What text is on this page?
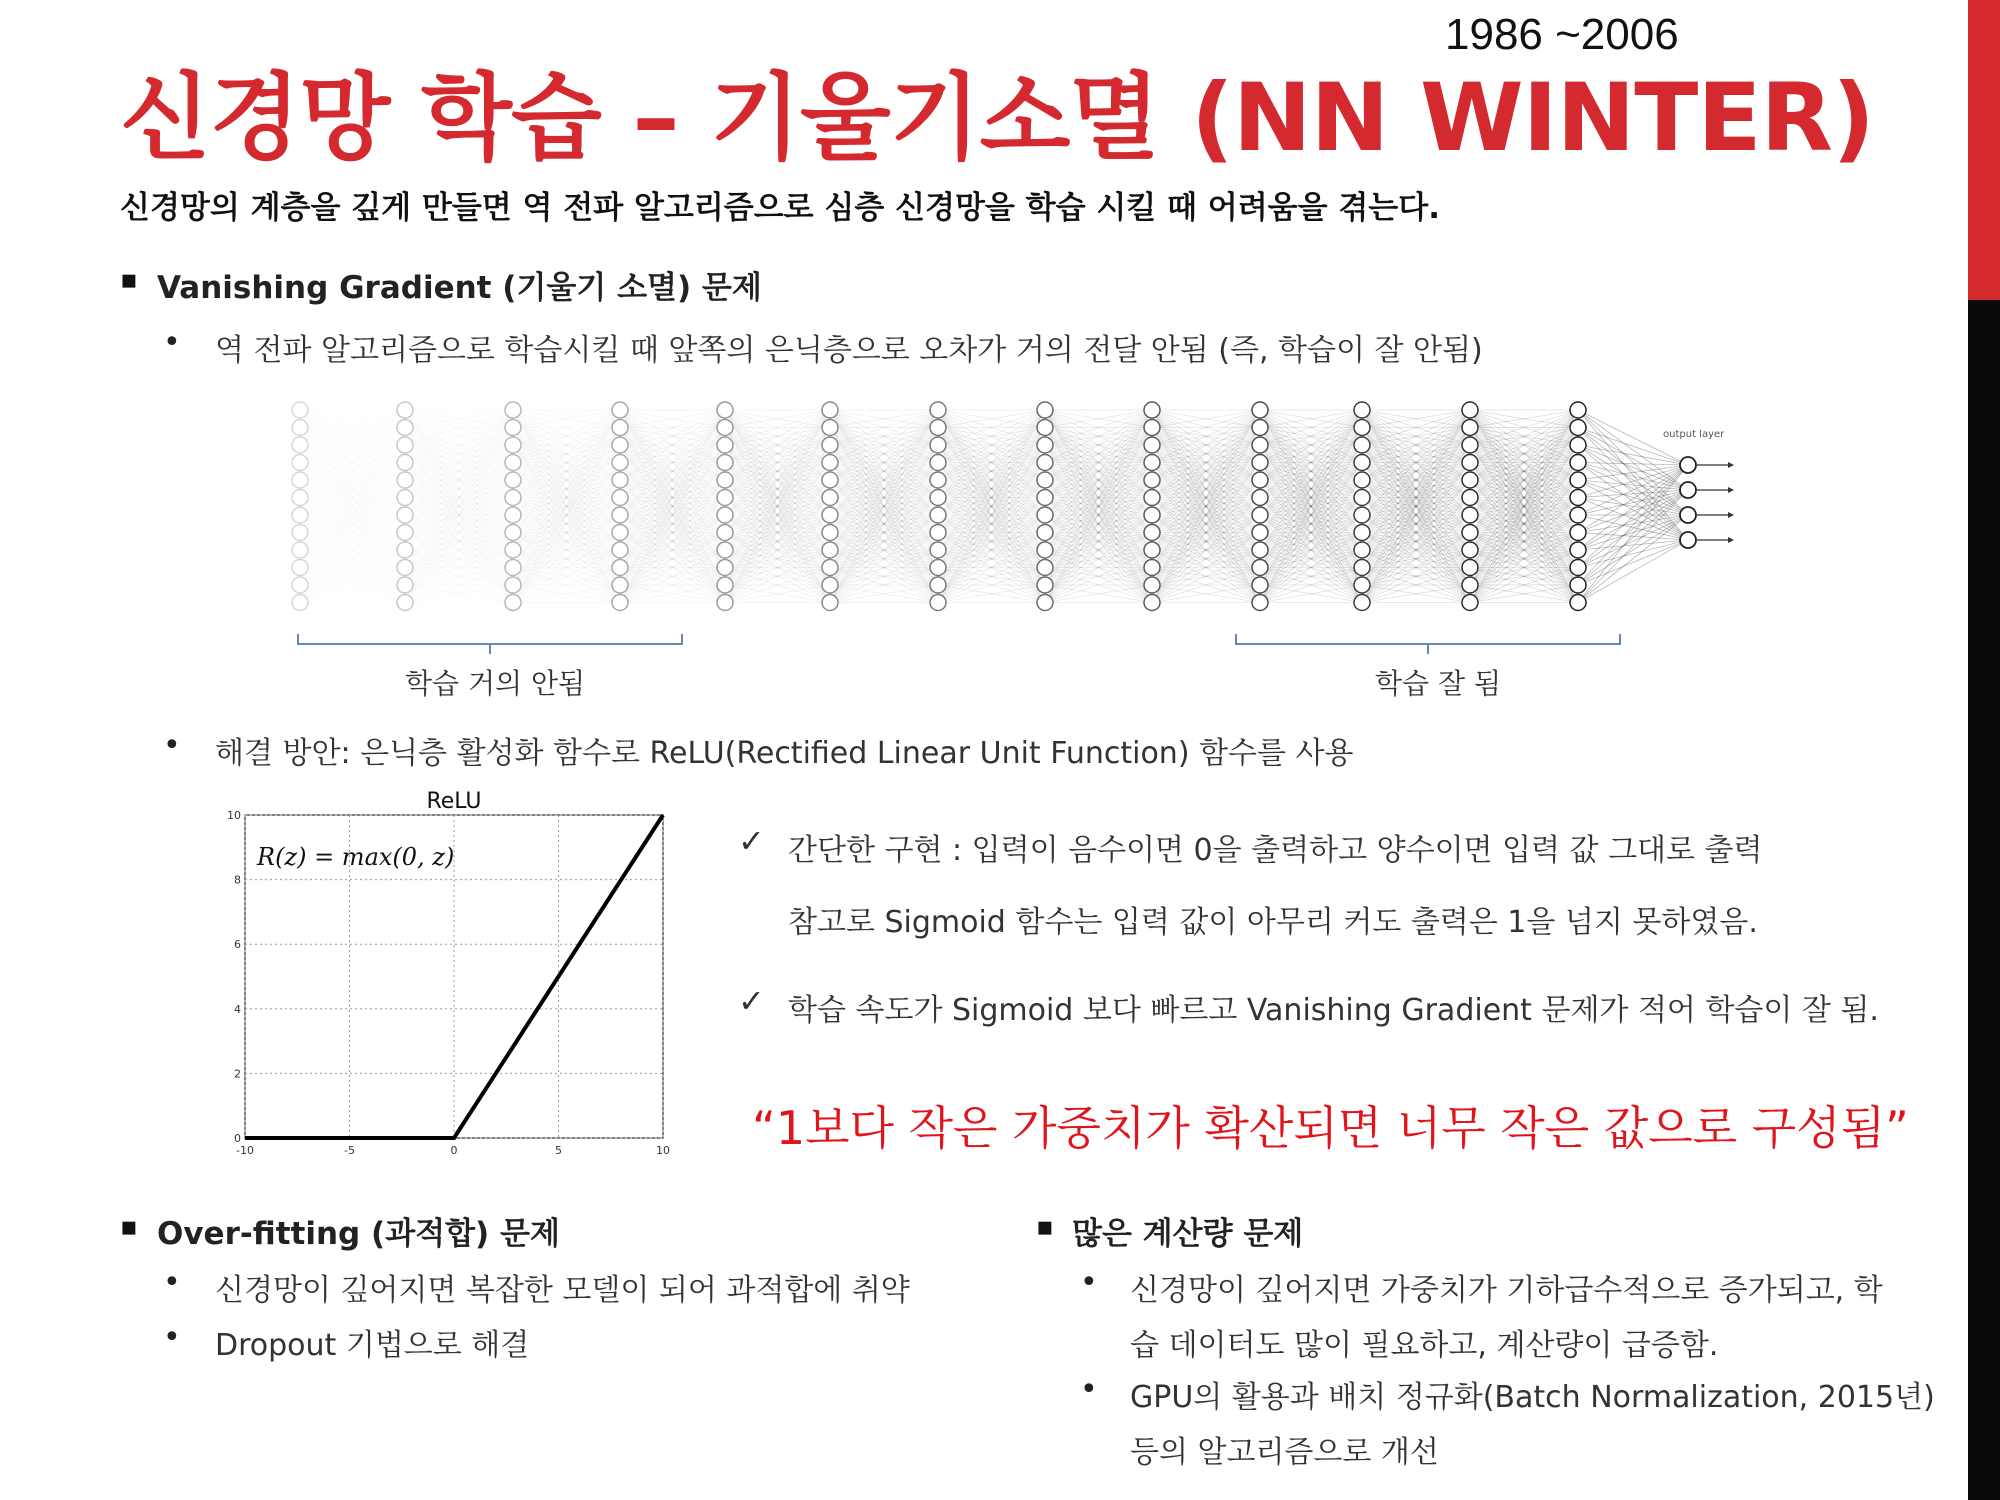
1986 ~2006
신경망 학습 – 기울기소멸 (NN WINTER)
신경망의 계층을 깊게 만들면 역 전파 알고리즘으로 심층 신경망을 학습 시킬 때 어려움을 겪는다.
▪ Vanishing Gradient (기울기 소멸) 문제
• 역 전파 알고리즘으로 학습시킬 때 앞쪽의 은닉층으로 오차가 거의 전달 안됨 (즉, 학습이 잘 안됨)
output layer
학습 거의 안됨	학습 잘 됨
• 해결 방안: 은닉층 활성화 함수로 ReLU(Rectified Linear Unit Function) 함수를 사용
ReLU
-10	-5	0	5	10
0
2
4
6
8
10
R(z) = max(0, z)	✓ 간단한 구현 : 입력이 음수이면 0을 출력하고 양수이면 입력 값 그대로 출력
참고로 Sigmoid 함수는 입력 값이 아무리 커도 출력은 1을 넘지 못하였음.
✓ 학습 속도가 Sigmoid 보다 빠르고 Vanishing Gradient 문제가 적어 학습이 잘 됨.
“1보다 작은 가중치가 확산되면 너무 작은 값으로 구성됨”
▪ Over-fitting (과적합) 문제
• 신경망이 깊어지면 복잡한 모델이 되어 과적합에 취약
• Dropout 기법으로 해결
▪ 많은 계산량 문제
• 신경망이 깊어지면 가중치가 기하급수적으로 증가되고, 학
습 데이터도 많이 필요하고, 계산량이 급증함.
• GPU의 활용과 배치 정규화(Batch Normalization, 2015년)
등의 알고리즘으로 개선
